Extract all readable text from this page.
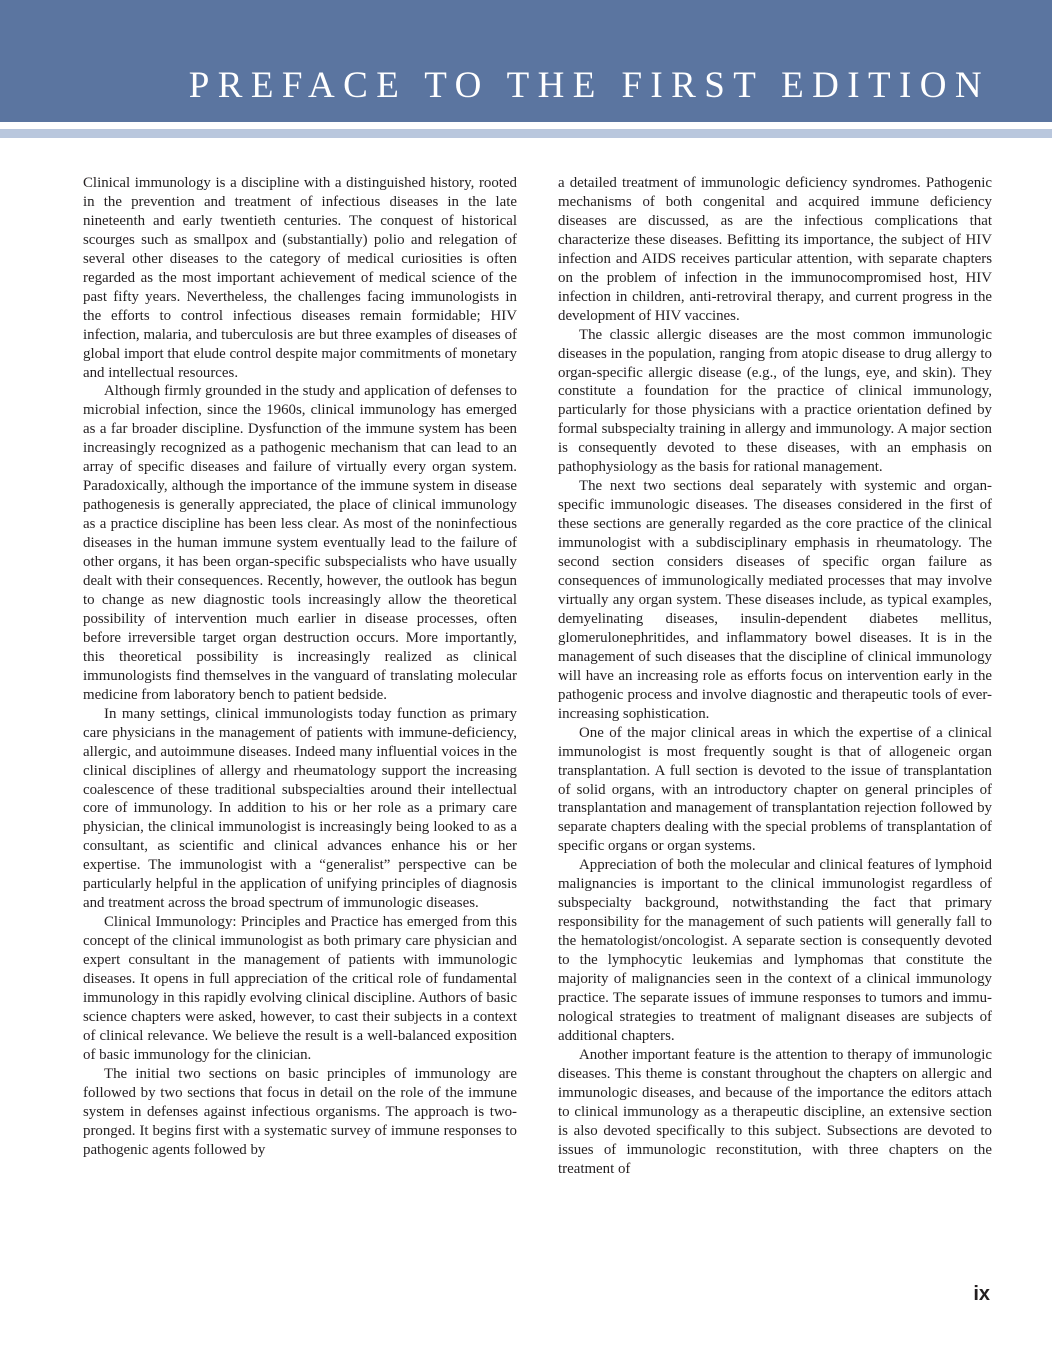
PREFACE TO THE FIRST EDITION

Clinical immunology is a discipline with a distinguished history, rooted in the prevention and treatment of infectious diseases in the late nineteenth and early twentieth centuries. The conquest of historical scourges such as smallpox and (substantially) polio and relegation of several other diseases to the category of medical curiosities is often regarded as the most important achievement of medical science of the past fifty years. Nevertheless, the challenges facing immunologists in the efforts to control infectious diseases remain formidable; HIV infection, malaria, and tuberculosis are but three examples of diseases of global import that elude control despite major commitments of monetary and intellectual resources.

Although firmly grounded in the study and application of defenses to microbial infection, since the 1960s, clinical immunology has emerged as a far broader discipline. Dysfunction of the immune system has been increasingly recognized as a pathogenic mechanism that can lead to an array of specific diseases and failure of virtually every organ system. Paradoxically, although the importance of the immune system in disease pathogenesis is generally appreciated, the place of clinical immunology as a practice discipline has been less clear. As most of the noninfectious diseases in the human immune system eventually lead to the failure of other organs, it has been organ-specific subspecialists who have usually dealt with their consequences. Recently, however, the outlook has begun to change as new diagnostic tools increasingly allow the theoretical possibility of intervention much earlier in disease processes, often before irreversible target organ destruction occurs. More importantly, this theoretical possibility is increasingly realized as clinical immunologists find themselves in the vanguard of translating molecular medicine from laboratory bench to patient bedside.

In many settings, clinical immunologists today function as primary care physicians in the management of patients with immune-deficiency, allergic, and autoimmune diseases. Indeed many influential voices in the clinical disciplines of allergy and rheumatology support the increasing coalescence of these traditional subspecialties around their intellectual core of immunology. In addition to his or her role as a primary care physician, the clinical immunologist is increasingly being looked to as a consultant, as scientific and clinical advances enhance his or her expertise. The immunologist with a “generalist” perspective can be particularly helpful in the application of unifying principles of diagnosis and treatment across the broad spectrum of immunologic diseases.

Clinical Immunology: Principles and Practice has emerged from this concept of the clinical immunologist as both primary care physician and expert consultant in the management of patients with immunologic diseases. It opens in full appreciation of the critical role of fundamental immunology in this rapidly evolving clinical discipline. Authors of basic science chapters were asked, however, to cast their subjects in a context of clinical relevance. We believe the result is a well-balanced exposition of basic immunology for the clinician.

The initial two sections on basic principles of immunology are followed by two sections that focus in detail on the role of the immune system in defenses against infectious organisms. The approach is two-pronged. It begins first with a systematic survey of immune responses to pathogenic agents followed by

a detailed treatment of immunologic deficiency syndromes. Pathogenic mechanisms of both congenital and acquired immune deficiency diseases are discussed, as are the infectious complications that characterize these diseases. Befitting its importance, the subject of HIV infection and AIDS receives particular attention, with separate chapters on the problem of infection in the immunocompromised host, HIV infection in children, anti-retroviral therapy, and current progress in the development of HIV vaccines.

The classic allergic diseases are the most common immunologic diseases in the population, ranging from atopic disease to drug allergy to organ-specific allergic disease (e.g., of the lungs, eye, and skin). They constitute a foundation for the practice of clinical immunology, particularly for those physicians with a practice orientation defined by formal subspecialty training in allergy and immunology. A major section is consequently devoted to these diseases, with an emphasis on pathophysiology as the basis for rational management.

The next two sections deal separately with systemic and organ-specific immunologic diseases. The diseases considered in the first of these sections are generally regarded as the core practice of the clinical immunologist with a subdisciplinary emphasis in rheumatology. The second section considers diseases of specific organ failure as consequences of immunologically mediated processes that may involve virtually any organ system. These diseases include, as typical examples, demyelinating diseases, insulin-dependent diabetes mellitus, glomerulonephritides, and inflammatory bowel diseases. It is in the management of such diseases that the discipline of clinical immunology will have an increasing role as efforts focus on intervention early in the pathogenic process and involve diagnostic and therapeutic tools of ever-increasing sophistication.

One of the major clinical areas in which the expertise of a clinical immunologist is most frequently sought is that of allogeneic organ transplantation. A full section is devoted to the issue of transplantation of solid organs, with an introductory chapter on general principles of transplantation and management of transplantation rejection followed by separate chapters dealing with the special problems of transplantation of specific organs or organ systems.

Appreciation of both the molecular and clinical features of lymphoid malignancies is important to the clinical immunologist regardless of subspecialty background, notwithstanding the fact that primary responsibility for the management of such patients will generally fall to the hematologist/oncologist. A separate section is consequently devoted to the lymphocytic leukemias and lymphomas that constitute the majority of malignancies seen in the context of a clinical immunology practice. The separate issues of immune responses to tumors and immunological strategies to treatment of malignant diseases are subjects of additional chapters.

Another important feature is the attention to therapy of immunologic diseases. This theme is constant throughout the chapters on allergic and immunologic diseases, and because of the importance the editors attach to clinical immunology as a therapeutic discipline, an extensive section is also devoted specifically to this subject. Subsections are devoted to issues of immunologic reconstitution, with three chapters on the treatment of

ix
